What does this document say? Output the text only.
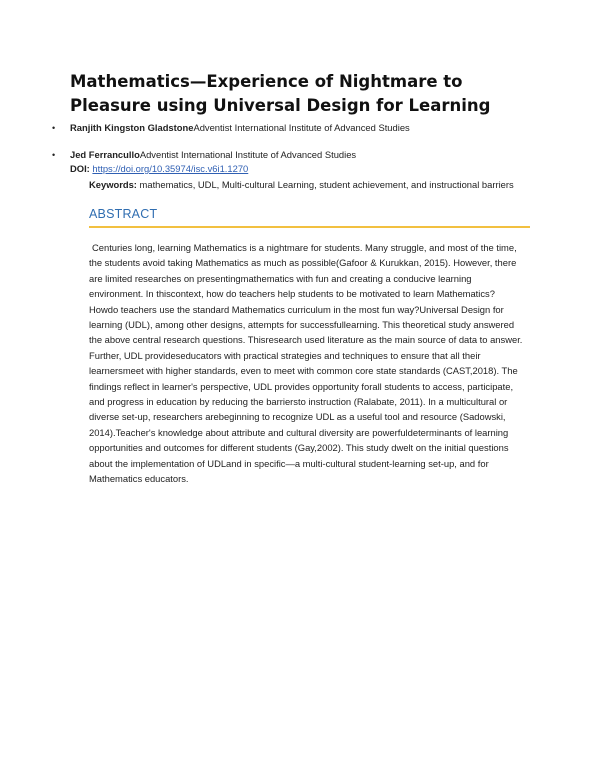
Mathematics—Experience of Nightmare to Pleasure using Universal Design for Learning
• Ranjith Kingston GladstoneAdventist International Institute of Advanced Studies
• Jed FerranculloAdventist International Institute of Advanced Studies
DOI: https://doi.org/10.35974/isc.v6i1.1270
Keywords: mathematics, UDL, Multi-cultural Learning, student achievement, and instructional barriers
ABSTRACT

Centuries long, learning Mathematics is a nightmare for students. Many struggle, and most of the time, the students avoid taking Mathematics as much as possible(Gafoor & Kurukkan, 2015). However, there are limited researches on presentingmathematics with fun and creating a conducive learning environment. In thiscontext, how do teachers help students to be motivated to learn Mathematics? Howdo teachers use the standard Mathematics curriculum in the most fun way?Universal Design for learning (UDL), among other designs, attempts for successfullearning. This theoretical study answered the above central research questions. Thisresearch used literature as the main source of data to answer. Further, UDL provideseducators with practical strategies and techniques to ensure that all their learnersmeet with higher standards, even to meet with common core state standards (CAST,2018). The findings reflect in learner's perspective, UDL provides opportunity forall students to access, participate, and progress in education by reducing the barriersto instruction (Ralabate, 2011). In a multicultural or diverse set-up, researchers arebeginning to recognize UDL as a useful tool and resource (Sadowski, 2014).Teacher's knowledge about attribute and cultural diversity are powerfuldeterminants of learning opportunities and outcomes for different students (Gay,2002). This study dwelt on the initial questions about the implementation of UDLand in specific—a multi-cultural student-learning set-up, and for Mathematics educators.
